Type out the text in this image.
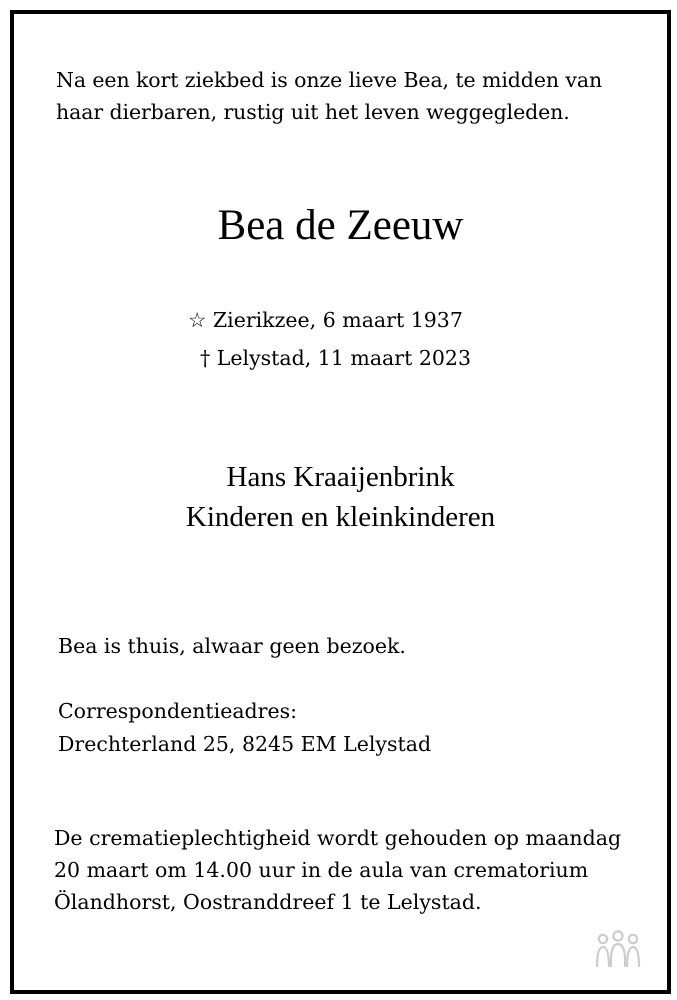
Na een kort ziekbed is onze lieve Bea, te midden van
haar dierbaren, rustig uit het leven weggegleden.
Bea de Zeeuw
☆ Zierikzee, 6 maart 1937
† Lelystad, 11 maart 2023
Hans Kraaijenbrink
Kinderen en kleinkinderen
Bea is thuis, alwaar geen bezoek.
Correspondentieadres:
Drechterland 25, 8245 EM Lelystad
De crematieplechtigheid wordt gehouden op maandag
20 maart om 14.00 uur in de aula van crematorium
Ölandhorst, Oostranddreef 1 te Lelystad.
